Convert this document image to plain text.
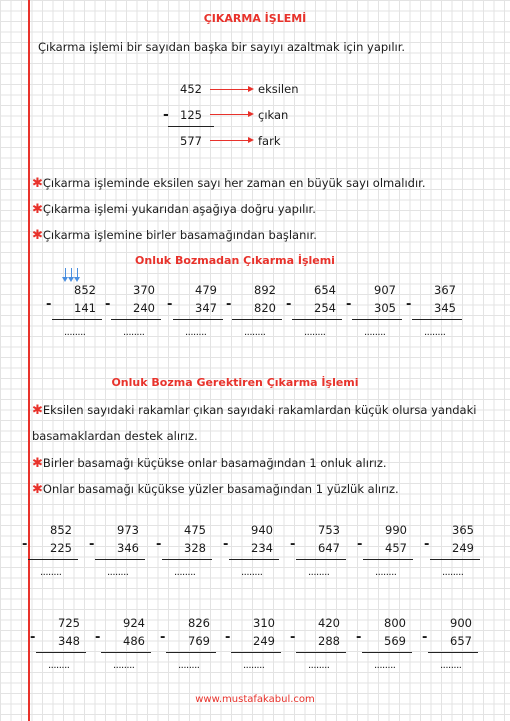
ÇIKARMA İŞLEMİ
Çıkarma işlemi bir sayıdan başka bir sayıyı azaltmak için yapılır.
452
- 125
577
eksilen
çıkan
fark
✱Çıkarma işleminde eksilen sayı her zaman en büyük sayı olmalıdır.
✱Çıkarma işlemi yukarıdan aşağıya doğru yapılır.
✱Çıkarma işlemine birler basamağından başlanır.
Onluk Bozmadan Çıkarma İşlemi
852
- 141
........
370
- 240
........
479
- 347
........
892
- 820
........
654
- 254
........
907
- 305
........
367
- 345
........
Onluk Bozma Gerektiren Çıkarma İşlemi
✱Eksilen sayıdaki rakamlar çıkan sayıdaki rakamlardan küçük olursa yandaki
basamaklardan destek alırız.
✱Birler basamağı küçükse onlar basamağından 1 onluk alırız.
✱Onlar basamağı küçükse yüzler basamağından 1 yüzlük alırız.
852
- 225
........
973
- 346
........
475
- 328
........
940
- 234
........
753
- 647
........
990
- 457
........
365
- 249
........
725
- 348
........
924
- 486
........
826
- 769
........
310
- 249
........
420
- 288
........
800
- 569
........
900
- 657
........
www.mustafakabul.com
